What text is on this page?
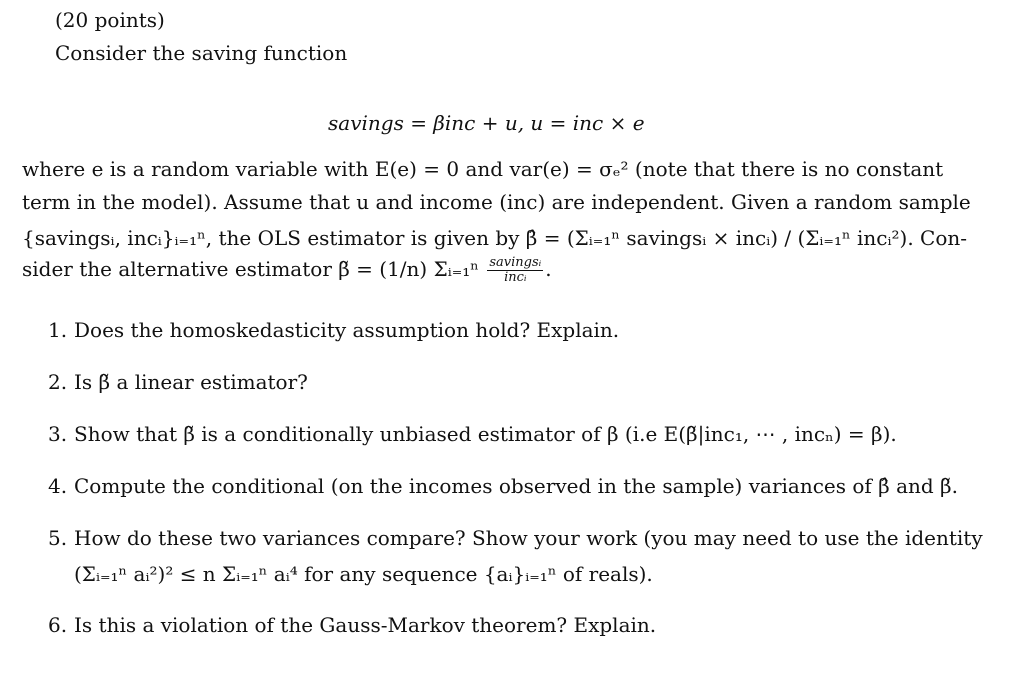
(20 points)
Consider the saving function
savings = βinc + u, u = inc × e
where e is a random variable with E(e) = 0 and var(e) = σₑ² (note that there is no constant
term in the model). Assume that u and income (inc) are independent. Given a random sample
{savingsᵢ, incᵢ}ᵢ₌₁ⁿ, the OLS estimator is given by β̂ = (Σᵢ₌₁ⁿ savingsᵢ × incᵢ) / (Σᵢ₌₁ⁿ incᵢ²). Con-
sider the alternative estimator β̃ = (1/n) Σᵢ₌₁ⁿ $\frac{\text{savingsᵢ}}{\text{incᵢ}}$ .
1. Does the homoskedasticity assumption hold? Explain.
2. Is β̃ a linear estimator?
3. Show that β̃ is a conditionally unbiased estimator of β (i.e E(β̃|inc₁, ⋯ , incₙ) = β).
4. Compute the conditional (on the incomes observed in the sample) variances of β̂ and β̃.
5. How do these two variances compare? Show your work (you may need to use the identity
(Σᵢ₌₁ⁿ aᵢ²)² ≤ n Σᵢ₌₁ⁿ aᵢ⁴ for any sequence {aᵢ}ᵢ₌₁ⁿ of reals).
6. Is this a violation of the Gauss-Markov theorem? Explain.
